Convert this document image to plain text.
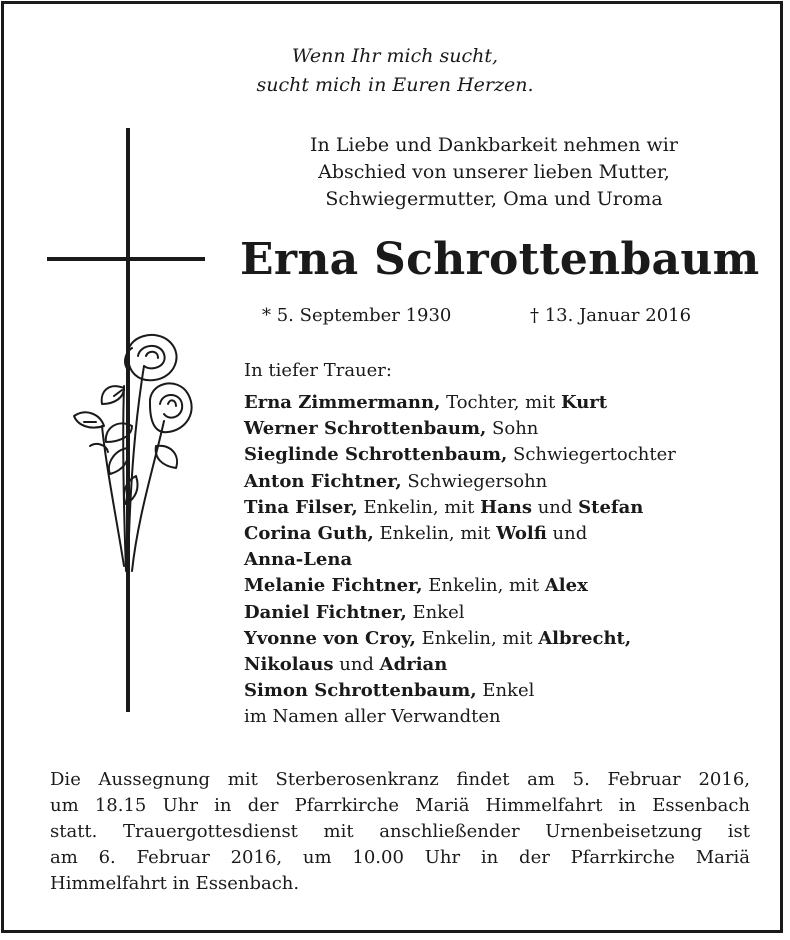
Wenn Ihr mich sucht,
sucht mich in Euren Herzen.
In Liebe und Dankbarkeit nehmen wir
Abschied von unserer lieben Mutter,
Schwiegermutter, Oma und Uroma
Erna Schrottenbaum
* 5. September 1930	† 13. Januar 2016
In tiefer Trauer:
Erna Zimmermann, Tochter, mit Kurt
Werner Schrottenbaum, Sohn
Sieglinde Schrottenbaum, Schwiegertochter
Anton Fichtner, Schwiegersohn
Tina Filser, Enkelin, mit Hans und Stefan
Corina Guth, Enkelin, mit Wolfi und
Anna-Lena
Melanie Fichtner, Enkelin, mit Alex
Daniel Fichtner, Enkel
Yvonne von Croy, Enkelin, mit Albrecht,
Nikolaus und Adrian
Simon Schrottenbaum, Enkel
im Namen aller Verwandten
Die Aussegnung mit Sterberosenkranz findet am 5. Februar 2016,
um 18.15 Uhr in der Pfarrkirche Mariä Himmelfahrt in Essenbach
statt. Trauergottesdienst mit anschließender Urnenbeisetzung ist
am 6. Februar 2016, um 10.00 Uhr in der Pfarrkirche Mariä
Himmelfahrt in Essenbach.
